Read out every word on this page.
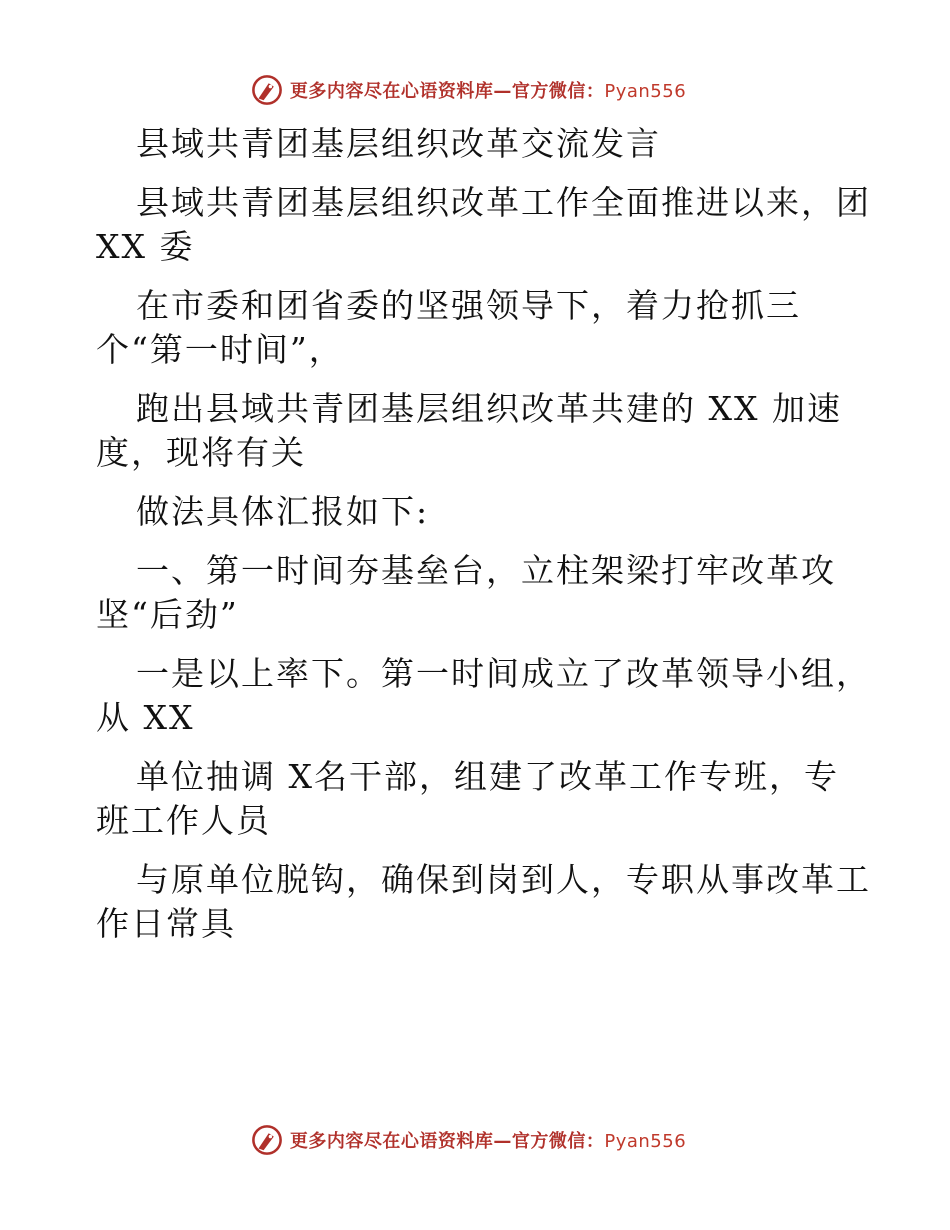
更多内容尽在心语资料库—官方微信：Pyan556
县域共青团基层组织改革交流发言
县域共青团基层组织改革工作全面推进以来，团
XX 委
在市委和团省委的坚强领导下，着力抢抓三
个“第一时间”，
跑出县域共青团基层组织改革共建的 XX 加速
度，现将有关
做法具体汇报如下:
一、第一时间夯基垒台，立柱架梁打牢改革攻
坚“后劲”
一是以上率下。第一时间成立了改革领导小组，
从 XX
单位抽调 X名干部，组建了改革工作专班，专
班工作人员
与原单位脱钩，确保到岗到人，专职从事改革工
作日常具
更多内容尽在心语资料库—官方微信：Pyan556
